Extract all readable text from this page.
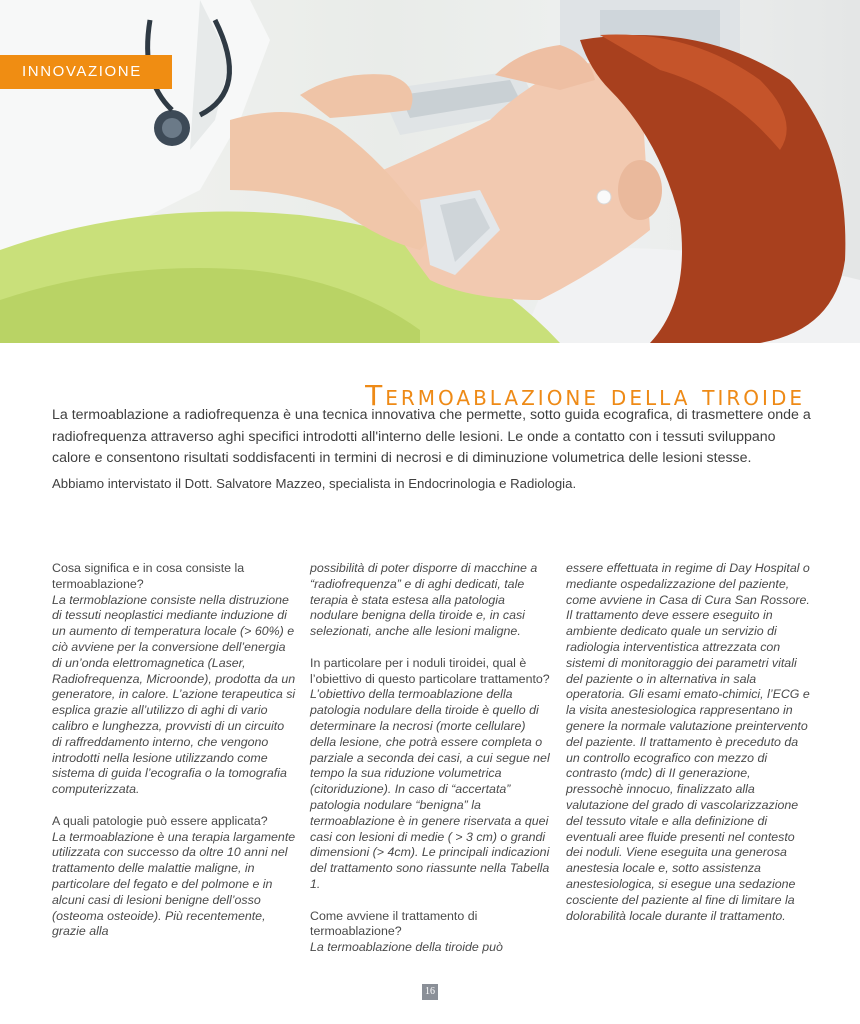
INNOVAZIONE
Termoablazione della tiroide

La termoablazione a radiofrequenza è una tecnica innovativa che permette, sotto guida ecografica, di trasmettere onde a radiofrequenza attraverso aghi specifici introdotti all'interno delle lesioni. Le onde a contatto con i tessuti sviluppano calore e consentono risultati soddisfacenti in termini di necrosi e di diminuzione volumetrica delle lesioni stesse.

Abbiamo intervistato il Dott. Salvatore Mazzeo, specialista in Endocrinologia e Radiologia.

Cosa significa e in cosa consiste la termoablazione?
La termoblazione consiste nella distruzione di tessuti neoplastici mediante induzione di un aumento di temperatura locale (> 60%) e ciò avviene per la conversione dell’energia di un’onda elettromagnetica (Laser, Radiofrequenza, Microonde), prodotta da un generatore, in calore. L’azione terapeutica si esplica grazie all’utilizzo di aghi di vario calibro e lunghezza, provvisti di un circuito di raffreddamento interno, che vengono introdotti nella lesione utilizzando come sistema di guida l’ecografia o la tomografia computerizzata.

A quali patologie può essere applicata?
La termoablazione è una terapia largamente utilizzata con successo da oltre 10 anni nel trattamento delle malattie maligne, in particolare del fegato e del polmone e in alcuni casi di lesioni benigne dell’osso (osteoma osteoide). Più recentemente, grazie alla

possibilità di poter disporre di macchine a “radiofrequenza” e di aghi dedicati, tale terapia è stata estesa alla patologia nodulare benigna della tiroide e, in casi selezionati, anche alle lesioni maligne.

In particolare per i noduli tiroidei, qual è l’obiettivo di questo particolare trattamento?
L’obiettivo della termoablazione della patologia nodulare della tiroide è quello di determinare la necrosi (morte cellulare) della lesione, che potrà essere completa o parziale a seconda dei casi, a cui segue nel tempo la sua riduzione volumetrica (citoriduzione). In caso di “accertata” patologia nodulare “benigna” la termoablazione è in genere riservata a quei casi con lesioni di medie ( > 3 cm) o grandi dimensioni (> 4cm). Le principali indicazioni del trattamento sono riassunte nella Tabella 1.

Come avviene il trattamento di termoablazione?
La termoablazione della tiroide può

essere effettuata in regime di Day Hospital o mediante ospedalizzazione del paziente, come avviene in Casa di Cura San Rossore. Il trattamento deve essere eseguito in ambiente dedicato quale un servizio di radiologia interventistica attrezzata con sistemi di monitoraggio dei parametri vitali del paziente o in alternativa in sala operatoria. Gli esami emato-chimici, l’ECG e la visita anestesiologica rappresentano in genere la normale valutazione preintervento del paziente. Il trattamento è preceduto da un controllo ecografico con mezzo di contrasto (mdc) di II generazione, pressochè innocuo, finalizzato alla valutazione del grado di vascolarizzazione del tessuto vitale e alla definizione di eventuali aree fluide presenti nel contesto dei noduli. Viene eseguita una generosa anestesia locale e, sotto assistenza anestesiologica, si esegue una sedazione cosciente del paziente al fine di limitare la dolorabilità locale durante il trattamento.

16
